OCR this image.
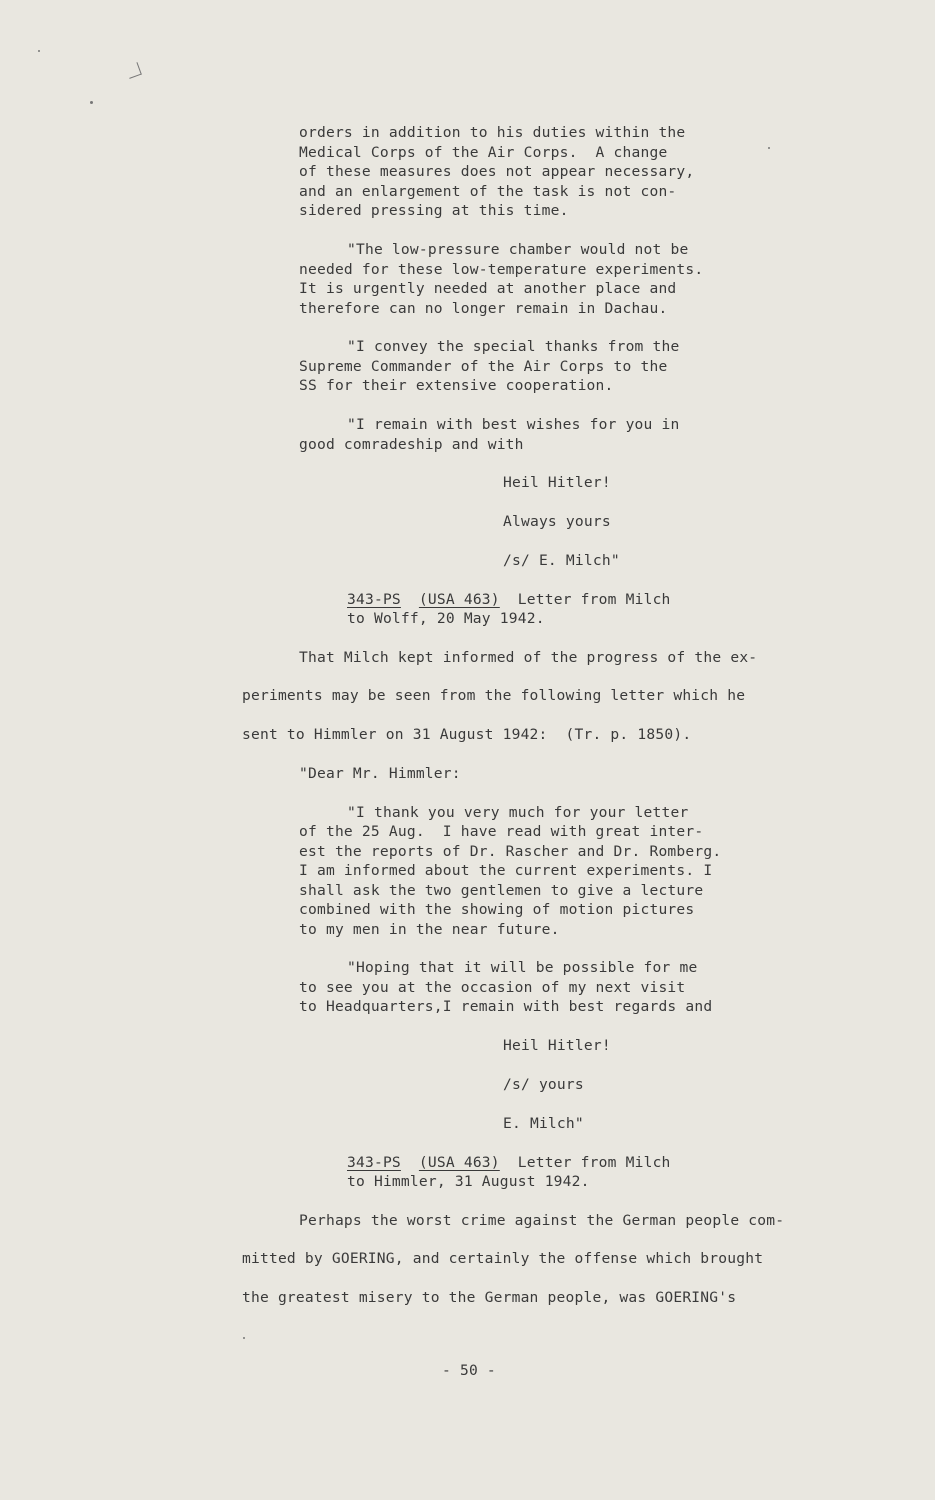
orders in addition to his duties within the

Medical Corps of the Air Corps.  A change

of these measures does not appear necessary,

and an enlargement of the task is not con-

sidered pressing at this time.

"The low-pressure chamber would not be

needed for these low-temperature experiments.

It is urgently needed at another place and

therefore can no longer remain in Dachau.

"I convey the special thanks from the

Supreme Commander of the Air Corps to the

SS for their extensive cooperation.

"I remain with best wishes for you in

good comradeship and with

Heil Hitler!

Always yours

/s/ E. Milch"

343-PS (USA 463) Letter from Milch

to Wolff, 20 May 1942.

That Milch kept informed of the progress of the ex-

periments may be seen from the following letter which he

sent to Himmler on 31 August 1942:  (Tr. p. 1850).

"Dear Mr. Himmler:

"I thank you very much for your letter

of the 25 Aug.  I have read with great inter-

est the reports of Dr. Rascher and Dr. Romberg.

I am informed about the current experiments. I

shall ask the two gentlemen to give a lecture

combined with the showing of motion pictures

to my men in the near future.

"Hoping that it will be possible for me

to see you at the occasion of my next visit

to Headquarters,I remain with best regards and

Heil Hitler!

/s/ yours

E. Milch"

343-PS (USA 463) Letter from Milch

to Himmler, 31 August 1942.

Perhaps the worst crime against the German people com-

mitted by GOERING, and certainly the offense which brought

the greatest misery to the German people, was GOERING's

- 50 -
